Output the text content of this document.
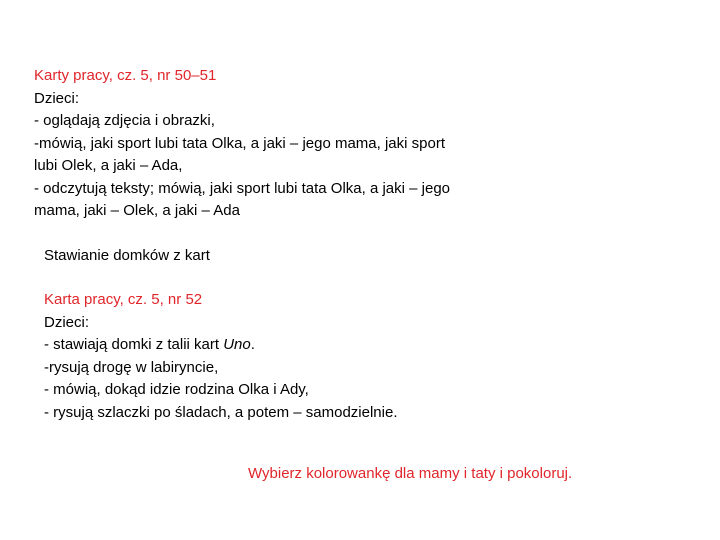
Karty pracy, cz. 5, nr 50–51
Dzieci:
- oglądają zdjęcia i obrazki,
-mówią, jaki sport lubi tata Olka, a jaki – jego mama, jaki sport
lubi Olek, a jaki – Ada,
- odczytują teksty; mówią, jaki sport lubi tata Olka, a jaki – jego
mama, jaki – Olek, a jaki – Ada
Stawianie domków z kart
Karta pracy, cz. 5, nr 52
Dzieci:
- stawiają domki z talii kart Uno.
-rysują drogę w labiryncie,
- mówią, dokąd idzie rodzina Olka i Ady,
- rysują szlaczki po śladach, a potem – samodzielnie.
Wybierz kolorowankę dla mamy i taty i pokoloruj.
